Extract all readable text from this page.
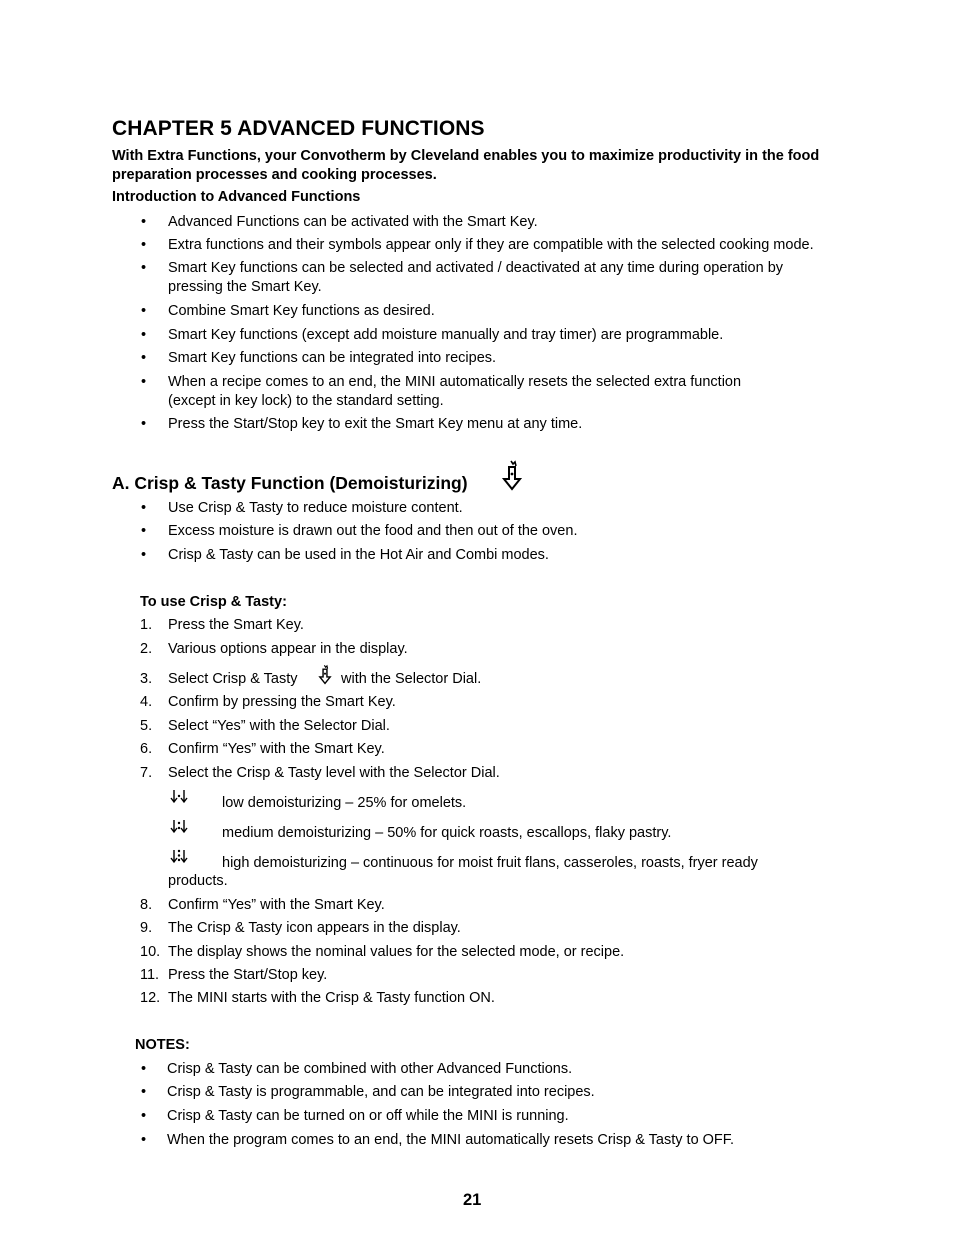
CHAPTER 5 ADVANCED FUNCTIONS
With Extra Functions, your Convotherm by Cleveland enables you to maximize productivity in the food preparation processes and cooking processes.
Introduction to Advanced Functions
• Advanced Functions can be activated with the Smart Key.
• Extra functions and their symbols appear only if they are compatible with the selected cooking mode.
• Smart Key functions can be selected and activated / deactivated at any time during operation by
pressing the Smart Key.
• Combine Smart Key functions as desired.
• Smart Key functions (except add moisture manually and tray timer) are programmable.
• Smart Key functions can be integrated into recipes.
• When a recipe comes to an end, the MINI automatically resets the selected extra function
(except in key lock) to the standard setting.
• Press the Start/Stop key to exit the Smart Key menu at any time.
A. Crisp & Tasty Function (Demoisturizing)
• Use Crisp & Tasty to reduce moisture content.
• Excess moisture is drawn out the food and then out of the oven.
• Crisp & Tasty can be used in the Hot Air and Combi modes.
To use Crisp & Tasty:
1. Press the Smart Key.
2. Various options appear in the display.
3. Select Crisp & Tasty	with the Selector Dial.
4. Confirm by pressing the Smart Key.
5. Select “Yes” with the Selector Dial.
6. Confirm “Yes” with the Smart Key.
7. Select the Crisp & Tasty level with the Selector Dial.
low demoisturizing – 25% for omelets.
medium demoisturizing – 50% for quick roasts, escallops, flaky pastry.
high demoisturizing – continuous for moist fruit flans, casseroles, roasts, fryer ready
products.
8. Confirm “Yes” with the Smart Key.
9. The Crisp & Tasty icon appears in the display.
10. The display shows the nominal values for the selected mode, or recipe.
11. Press the Start/Stop key.
12. The MINI starts with the Crisp & Tasty function ON.
NOTES:
• Crisp & Tasty can be combined with other Advanced Functions.
• Crisp & Tasty is programmable, and can be integrated into recipes.
• Crisp & Tasty can be turned on or off while the MINI is running.
• When the program comes to an end, the MINI automatically resets Crisp & Tasty to OFF.
21
